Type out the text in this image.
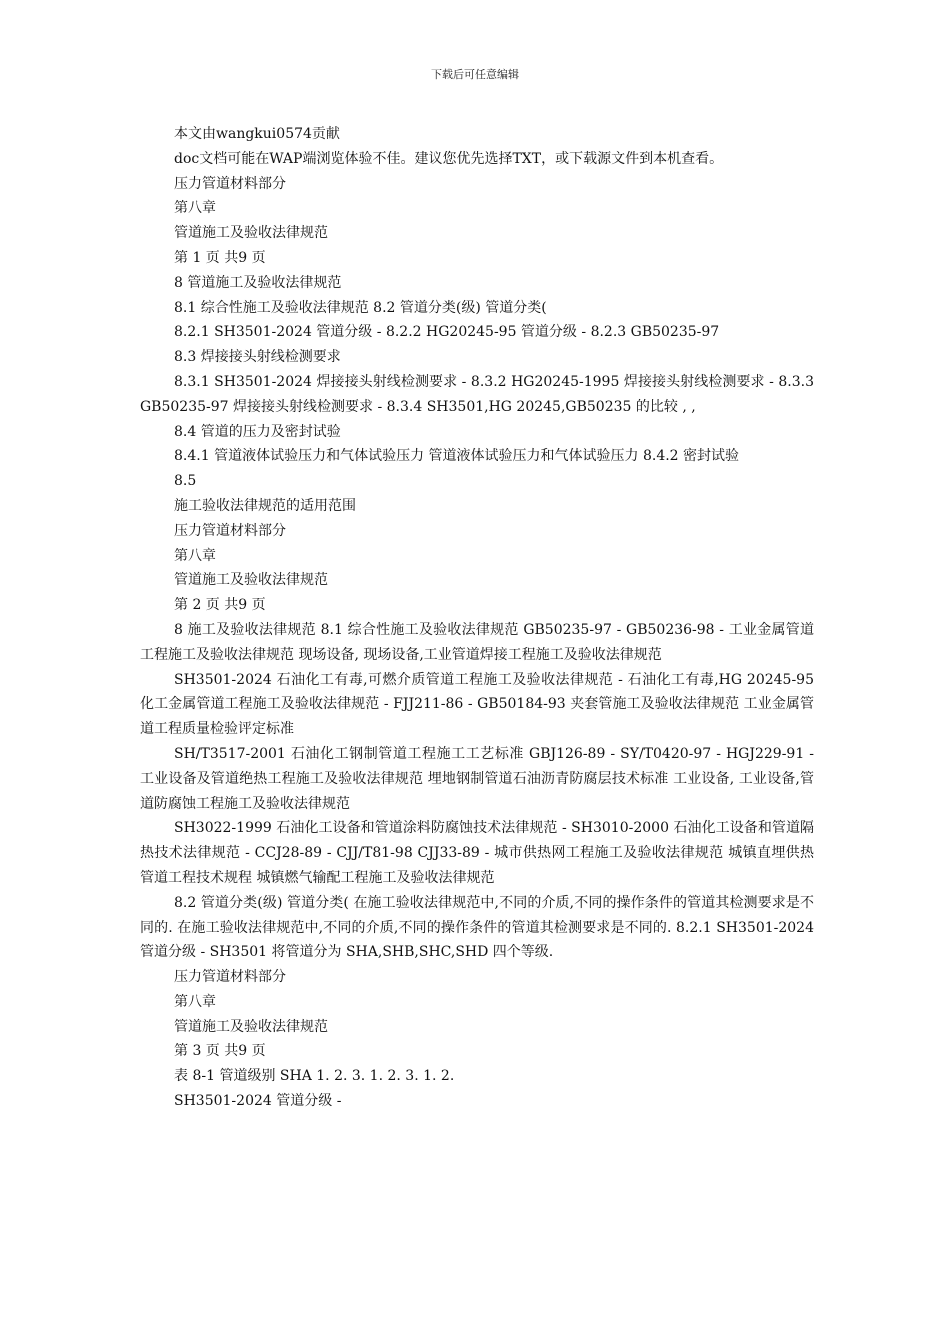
下载后可任意编辑

本文由wangkui0574贡献

doc文档可能在WAP端浏览体验不佳。建议您优先选择TXT，或下载源文件到本机查看。

压力管道材料部分

第八章

管道施工及验收法律规范

第 1 页 共9 页

8 管道施工及验收法律规范

8.1 综合性施工及验收法律规范 8.2 管道分类(级) 管道分类(

8.2.1 SH3501-2024 管道分级 - 8.2.2 HG20245-95 管道分级 - 8.2.3 GB50235-97

8.3 焊接接头射线检测要求

8.3.1 SH3501-2024 焊接接头射线检测要求 - 8.3.2 HG20245-1995 焊接接头射线检测要求 - 8.3.3 GB50235-97 焊接接头射线检测要求 - 8.3.4 SH3501,HG 20245,GB50235 的比较 , ,

8.4 管道的压力及密封试验

8.4.1 管道液体试验压力和气体试验压力 管道液体试验压力和气体试验压力 8.4.2 密封试验

8.5

施工验收法律规范的适用范围

压力管道材料部分

第八章

管道施工及验收法律规范

第 2 页 共9 页

8 施工及验收法律规范 8.1 综合性施工及验收法律规范 GB50235-97 - GB50236-98 - 工业金属管道工程施工及验收法律规范 现场设备, 现场设备,工业管道焊接工程施工及验收法律规范

SH3501-2024 石油化工有毒,可燃介质管道工程施工及验收法律规范 - 石油化工有毒,HG 20245-95 化工金属管道工程施工及验收法律规范 - FJJ211-86 - GB50184-93 夹套管施工及验收法律规范 工业金属管道工程质量检验评定标准

SH/T3517-2001 石油化工钢制管道工程施工工艺标准 GBJ126-89 - SY/T0420-97 - HGJ229-91 - 工业设备及管道绝热工程施工及验收法律规范 埋地钢制管道石油沥青防腐层技术标准 工业设备, 工业设备,管道防腐蚀工程施工及验收法律规范

SH3022-1999 石油化工设备和管道涂料防腐蚀技术法律规范 - SH3010-2000 石油化工设备和管道隔热技术法律规范 - CCJ28-89 - CJJ/T81-98 CJJ33-89 - 城市供热网工程施工及验收法律规范 城镇直埋供热管道工程技术规程 城镇燃气输配工程施工及验收法律规范

8.2 管道分类(级) 管道分类( 在施工验收法律规范中,不同的介质,不同的操作条件的管道其检测要求是不同的. 在施工验收法律规范中,不同的介质,不同的操作条件的管道其检测要求是不同的. 8.2.1 SH3501-2024 管道分级 - SH3501 将管道分为 SHA,SHB,SHC,SHD 四个等级.

压力管道材料部分

第八章

管道施工及验收法律规范

第 3 页 共9 页

表 8-1 管道级别 SHA 1. 2. 3. 1. 2. 3. 1. 2.

SH3501-2024 管道分级 -
